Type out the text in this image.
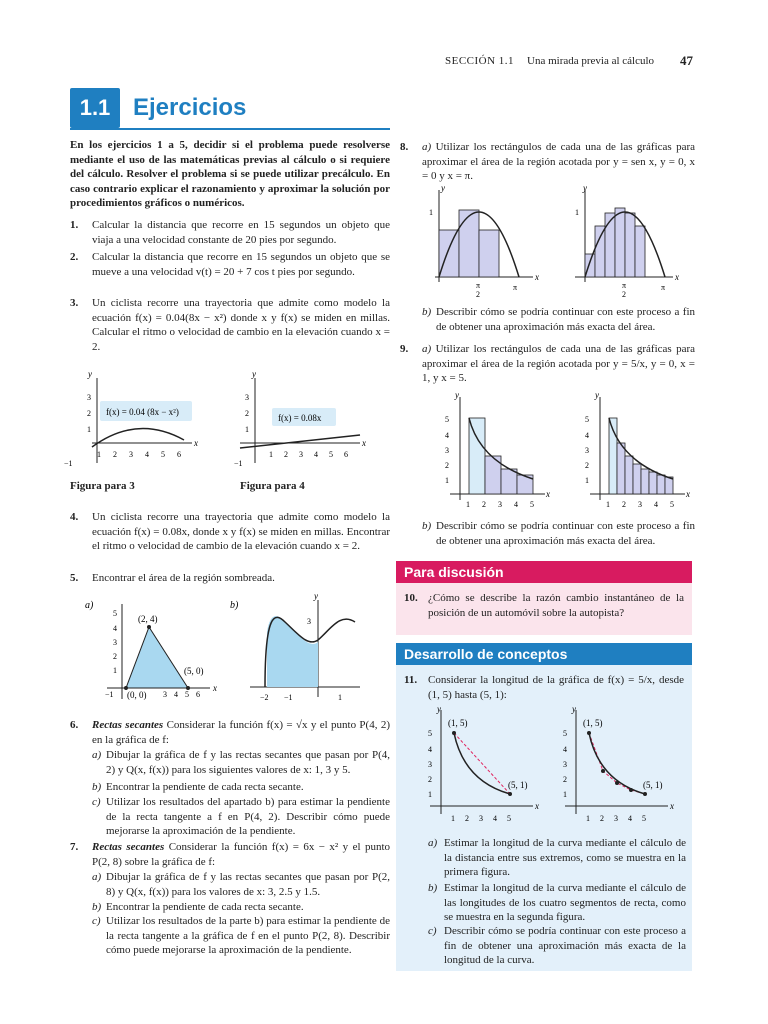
SECCIÓN 1.1 Una mirada previa al cálculo 47
1.1 Ejercicios
En los ejercicios 1 a 5, decidir si el problema puede resolverse mediante el uso de las matemáticas previas al cálculo o si requiere del cálculo. Resolver el problema si se puede utilizar precálculo. En caso contrario explicar el razonamiento y aproximar la solución por procedimientos gráficos o numéricos.
1. Calcular la distancia que recorre en 15 segundos un objeto que viaja a una velocidad constante de 20 pies por segundo.
2. Calcular la distancia que recorre en 15 segundos un objeto que se mueve a una velocidad v(t) = 20 + 7 cos t pies por segundo.
3. Un ciclista recorre una trayectoria que admite como modelo la ecuación f(x) = 0.04(8x − x²) donde x y f(x) se miden en millas. Calcular el ritmo o velocidad de cambio en la elevación cuando x = 2.
x
y
3
2
1
−1
1 2 3 4 5 6
f(x) = 0.04 (8x − x²)
Figura para 3
x
y
3
2
1
−1
1 2 3 4 5 6
f(x) = 0.08x
Figura para 4
4. Un ciclista recorre una trayectoria que admite como modelo la ecuación f(x) = 0.08x, donde x y f(x) se miden en millas. Encontrar el ritmo o velocidad de cambio de la elevación cuando x = 2.
5. Encontrar el área de la región sombreada.
a)
x
5
4
3
2
1
−1	3 4 5 6
(2, 4)
(5, 0)
(0, 0)
b)
y
3
−2 −1	1
6. Rectas secantes Considerar la función f(x) = √x y el punto P(4, 2) en la gráfica de f:
a) Dibujar la gráfica de f y las rectas secantes que pasan por P(4, 2) y Q(x, f(x)) para los siguientes valores de x: 1, 3 y 5.
b) Encontrar la pendiente de cada recta secante.
c) Utilizar los resultados del apartado b) para estimar la pendiente de la recta tangente a f en P(4, 2). Describir cómo puede mejorarse la aproximación de la pendiente.
7. Rectas secantes Considerar la función f(x) = 6x − x² y el punto P(2, 8) sobre la gráfica de f:
a) Dibujar la gráfica de f y las rectas secantes que pasan por P(2, 8) y Q(x, f(x)) para los valores de x: 3, 2.5 y 1.5.
b) Encontrar la pendiente de cada recta secante.
c) Utilizar los resultados de la parte b) para estimar la pendiente de la recta tangente a la gráfica de f en el punto P(2, 8). Describir cómo puede mejorarse la aproximación de la pendiente.
8. a) Utilizar los rectángulos de cada una de las gráficas para aproximar el área de la región acotada por y = sen x, y = 0, x = 0 y x = π.
x
y
1
π
2
π
x
y
1
π
2
π
b) Describir cómo se podría continuar con este proceso a fin de obtener una aproximación más exacta del área.
9. a) Utilizar los rectángulos de cada una de las gráficas para aproximar el área de la región acotada por y = 5/x, y = 0, x = 1, y x = 5.
x
y
5
4
3
2
1
1 2 3 4 5
x
y
5
4
3
2
1
1 2 3 4 5
b) Describir cómo se podría continuar con este proceso a fin de obtener una aproximación más exacta del área.
Para discusión
10. ¿Cómo se describe la razón cambio instantáneo de la posición de un automóvil sobre la autopista?
Desarrollo de conceptos
11. Considerar la longitud de la gráfica de f(x) = 5/x, desde (1, 5) hasta (5, 1):
x
y
5
4
3
2
1
(1, 5)
(5, 1)
1 2 3 4 5
x
y
5
4
3
2
1
(1, 5)
(5, 1)
1 2 3 4 5
a) Estimar la longitud de la curva mediante el cálculo de la distancia entre sus extremos, como se muestra en la primera figura.
b) Estimar la longitud de la curva mediante el cálculo de las longitudes de los cuatro segmentos de recta, como se muestra en la segunda figura.
c) Describir cómo se podría continuar con este proceso a fin de obtener una aproximación más exacta de la longitud de la curva.
